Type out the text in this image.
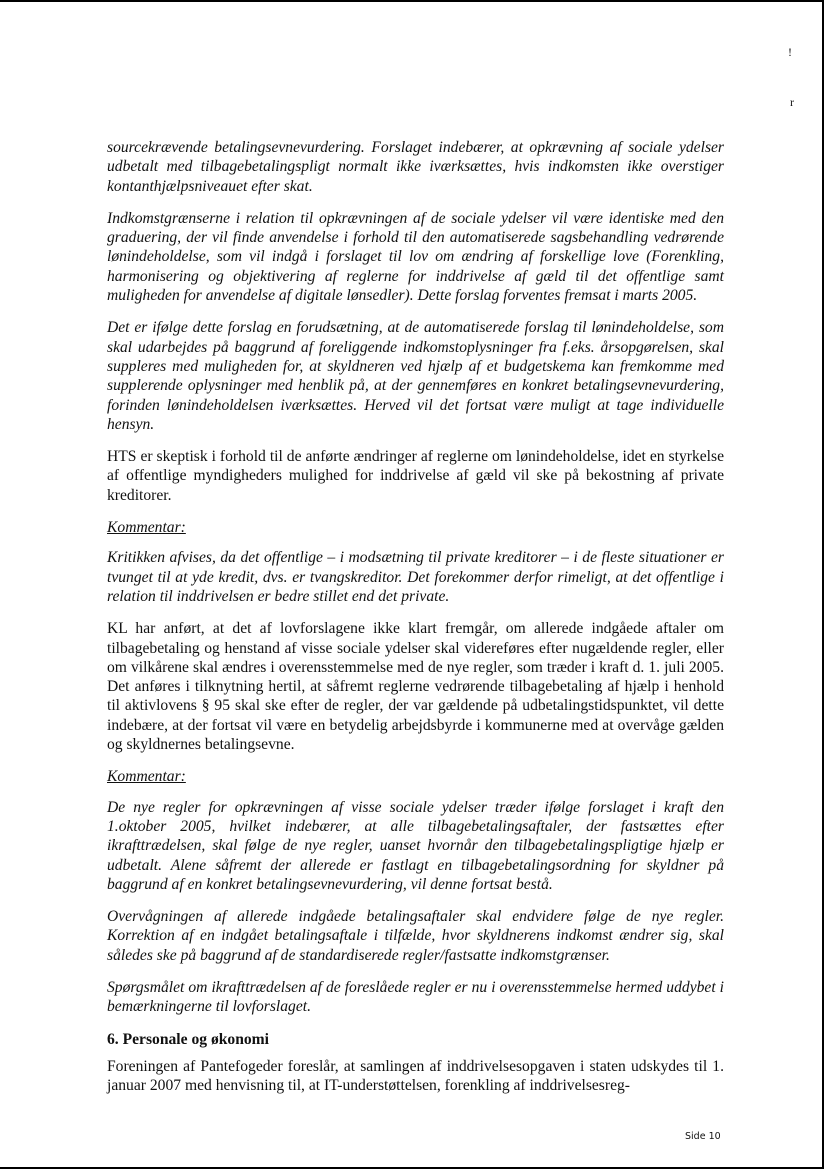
!
r

sourcekrævende betalingsevnevurdering. Forslaget indebærer, at opkrævning af sociale ydelser udbetalt med tilbagebetalingspligt normalt ikke iværksættes, hvis indkomsten ikke overstiger kontanthjælpsniveauet efter skat.

Indkomstgrænserne i relation til opkrævningen af de sociale ydelser vil være identiske med den graduering, der vil finde anvendelse i forhold til den automatiserede sagsbehandling vedrørende lønindeholdelse, som vil indgå i forslaget til lov om ændring af forskellige love (Forenkling, harmonisering og objektivering af reglerne for inddrivelse af gæld til det offentlige samt muligheden for anvendelse af digitale lønsedler). Dette forslag forventes fremsat i marts 2005.

Det er ifølge dette forslag en forudsætning, at de automatiserede forslag til lønindeholdelse, som skal udarbejdes på baggrund af foreliggende indkomstoplysninger fra f.eks. årsopgørelsen, skal suppleres med muligheden for, at skyldneren ved hjælp af et budgetskema kan fremkomme med supplerende oplysninger med henblik på, at der gennemføres en konkret betalingsevnevurdering, forinden lønindeholdelsen iværksættes. Herved vil det fortsat være muligt at tage individuelle hensyn.

HTS er skeptisk i forhold til de anførte ændringer af reglerne om lønindeholdelse, idet en styrkelse af offentlige myndigheders mulighed for inddrivelse af gæld vil ske på bekostning af private kreditorer.

Kommentar:

Kritikken afvises, da det offentlige – i modsætning til private kreditorer – i de fleste situationer er tvunget til at yde kredit, dvs. er tvangskreditor. Det forekommer derfor rimeligt, at det offentlige i relation til inddrivelsen er bedre stillet end det private.

KL har anført, at det af lovforslagene ikke klart fremgår, om allerede indgåede aftaler om tilbagebetaling og henstand af visse sociale ydelser skal videreføres efter nugældende regler, eller om vilkårene skal ændres i overensstemmelse med de nye regler, som træder i kraft d. 1. juli 2005. Det anføres i tilknytning hertil, at såfremt reglerne vedrørende tilbagebetaling af hjælp i henhold til aktivlovens § 95 skal ske efter de regler, der var gældende på udbetalingstidspunktet, vil dette indebære, at der fortsat vil være en betydelig arbejdsbyrde i kommunerne med at overvåge gælden og skyldnernes betalingsevne.

Kommentar:

De nye regler for opkrævningen af visse sociale ydelser træder ifølge forslaget i kraft den 1.oktober 2005, hvilket indebærer, at alle tilbagebetalingsaftaler, der fastsættes efter ikrafttrædelsen, skal følge de nye regler, uanset hvornår den tilbagebetalingspligtige hjælp er udbetalt. Alene såfremt der allerede er fastlagt en tilbagebetalingsordning for skyldner på baggrund af en konkret betalingsevnevurdering, vil denne fortsat bestå.

Overvågningen af allerede indgåede betalingsaftaler skal endvidere følge de nye regler. Korrektion af en indgået betalingsaftale i tilfælde, hvor skyldnerens indkomst ændrer sig, skal således ske på baggrund af de standardiserede regler/fastsatte indkomstgrænser.

Spørgsmålet om ikrafttrædelsen af de foreslåede regler er nu i overensstemmelse hermed uddybet i bemærkningerne til lovforslaget.

6. Personale og økonomi

Foreningen af Pantefogeder foreslår, at samlingen af inddrivelsesopgaven i staten udskydes til 1. januar 2007 med henvisning til, at IT-understøttelsen, forenkling af inddrivelsesreg-

Side 10
